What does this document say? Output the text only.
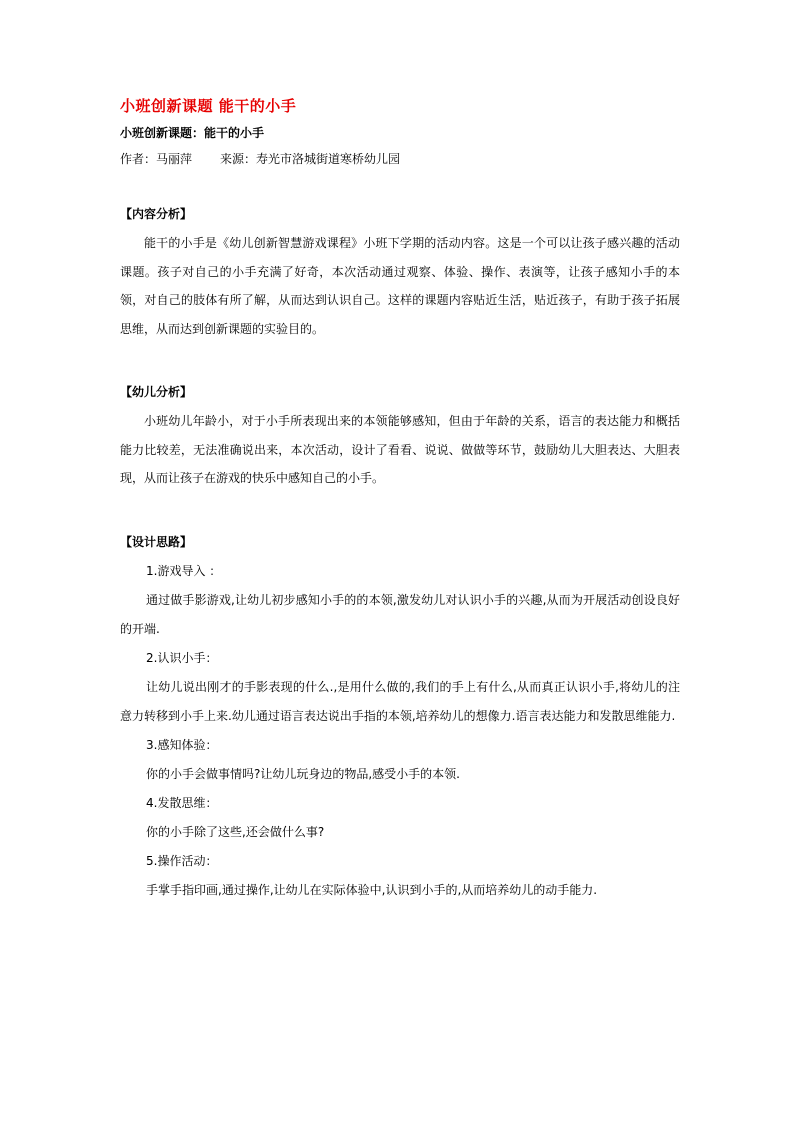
小班创新课题 能干的小手

小班创新课题：能干的小手

作者：马丽萍 来源：寿光市洛城街道寒桥幼儿园

【内容分析】

能干的小手是《幼儿创新智慧游戏课程》小班下学期的活动内容。这是一个可以让孩子感兴趣的活动课题。孩子对自己的小手充满了好奇，本次活动通过观察、体验、操作、表演等，让孩子感知小手的本领，对自己的肢体有所了解，从而达到认识自己。这样的课题内容贴近生活，贴近孩子，有助于孩子拓展思维，从而达到创新课题的实验目的。

【幼儿分析】

小班幼儿年龄小，对于小手所表现出来的本领能够感知，但由于年龄的关系，语言的表达能力和概括能力比较差，无法准确说出来，本次活动，设计了看看、说说、做做等环节，鼓励幼儿大胆表达、大胆表现，从而让孩子在游戏的快乐中感知自己的小手。

【设计思路】

1.游戏导入 ：

通过做手影游戏,让幼儿初步感知小手的的本领,激发幼儿对认识小手的兴趣,从而为开展活动创设良好的开端.

2.认识小手：

让幼儿说出刚才的手影表现的什么.,是用什么做的,我们的手上有什么,从而真正认识小手,将幼儿的注意力转移到小手上来.幼儿通过语言表达说出手指的本领,培养幼儿的想像力.语言表达能力和发散思维能力.

3.感知体验：

你的小手会做事情吗?让幼儿玩身边的物品,感受小手的本领.

4.发散思维：

你的小手除了这些,还会做什么事?

5.操作活动：

手掌手指印画,通过操作,让幼儿在实际体验中,认识到小手的,从而培养幼儿的动手能力.
